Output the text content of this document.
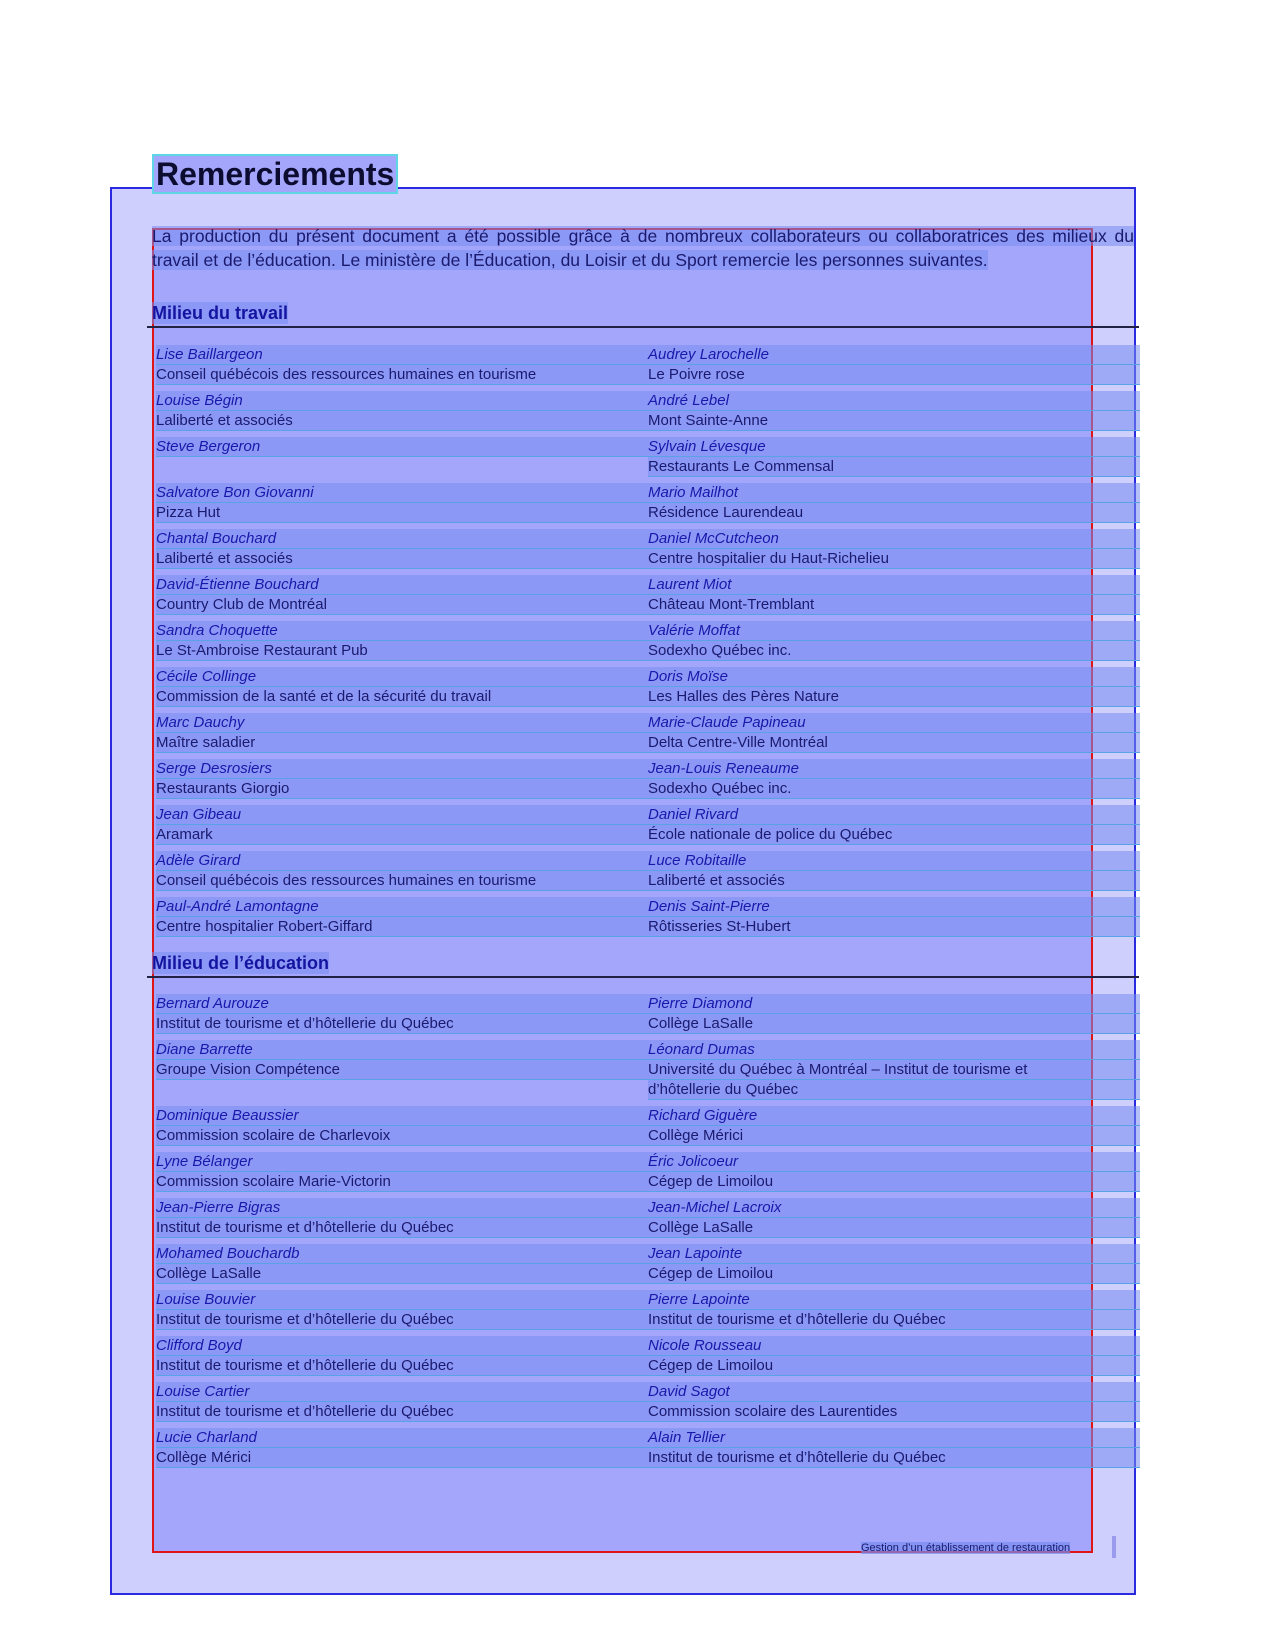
Remerciements

La production du présent document a été possible grâce à de nombreux collaborateurs ou collaboratrices des milieux du travail et de l’éducation. Le ministère de l’Éducation, du Loisir et du Sport remercie les personnes suivantes.

Milieu du travail
Lise Baillargeon
Conseil québécois des ressources humaines en tourisme
Louise Bégin
Laliberté et associés
Steve Bergeron
Salvatore Bon Giovanni
Pizza Hut
Chantal Bouchard
Laliberté et associés
David-Étienne Bouchard
Country Club de Montréal
Sandra Choquette
Le St-Ambroise Restaurant Pub
Cécile Collinge
Commission de la santé et de la sécurité du travail
Marc Dauchy
Maître saladier
Serge Desrosiers
Restaurants Giorgio
Jean Gibeau
Aramark
Adèle Girard
Conseil québécois des ressources humaines en tourisme
Paul-André Lamontagne
Centre hospitalier Robert-Giffard
Audrey Larochelle
Le Poivre rose
André Lebel
Mont Sainte-Anne
Sylvain Lévesque
Restaurants Le Commensal
Mario Mailhot
Résidence Laurendeau
Daniel McCutcheon
Centre hospitalier du Haut-Richelieu
Laurent Miot
Château Mont-Tremblant
Valérie Moffat
Sodexho Québec inc.
Doris Moïse
Les Halles des Pères Nature
Marie-Claude Papineau
Delta Centre-Ville Montréal
Jean-Louis Reneaume
Sodexho Québec inc.
Daniel Rivard
École nationale de police du Québec
Luce Robitaille
Laliberté et associés
Denis Saint-Pierre
Rôtisseries St-Hubert
Milieu de l’éducation
Bernard Aurouze
Institut de tourisme et d’hôtellerie du Québec
Diane Barrette
Groupe Vision Compétence
Dominique Beaussier
Commission scolaire de Charlevoix
Lyne Bélanger
Commission scolaire Marie-Victorin
Jean-Pierre Bigras
Institut de tourisme et d’hôtellerie du Québec
Mohamed Bouchardb
Collège LaSalle
Louise Bouvier
Institut de tourisme et d’hôtellerie du Québec
Clifford Boyd
Institut de tourisme et d’hôtellerie du Québec
Louise Cartier
Institut de tourisme et d’hôtellerie du Québec
Lucie Charland
Collège Mérici
Pierre Diamond
Collège LaSalle
Léonard Dumas
Université du Québec à Montréal – Institut de tourisme et
d’hôtellerie du Québec
Richard Giguère
Collège Mérici
Éric Jolicoeur
Cégep de Limoilou
Jean-Michel Lacroix
Collège LaSalle
Jean Lapointe
Cégep de Limoilou
Pierre Lapointe
Institut de tourisme et d’hôtellerie du Québec
Nicole Rousseau
Cégep de Limoilou
David Sagot
Commission scolaire des Laurentides
Alain Tellier
Institut de tourisme et d’hôtellerie du Québec
Gestion d’un établissement de restauration
